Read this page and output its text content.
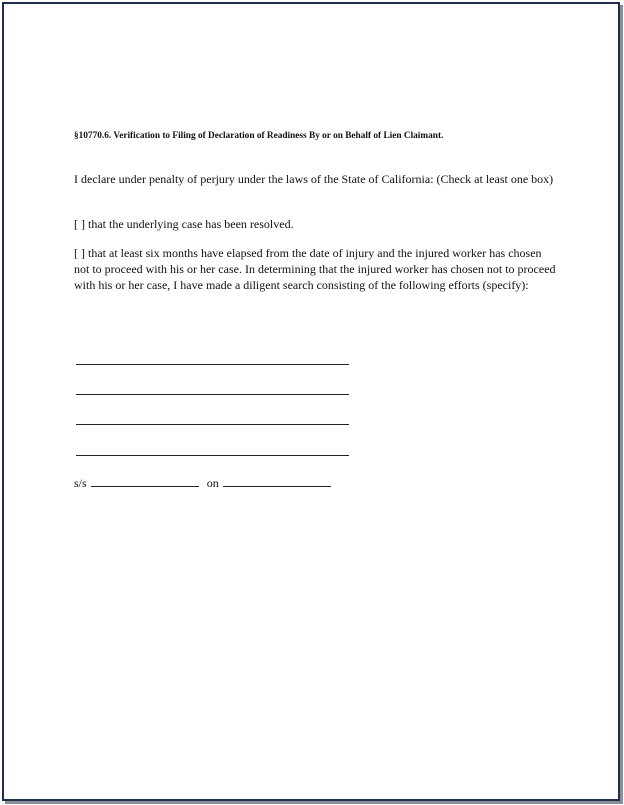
§10770.6. Verification to Filing of Declaration of Readiness By or on Behalf of Lien Claimant.
I declare under penalty of perjury under the laws of the State of California: (Check at least one box)
[ ] that the underlying case has been resolved.
[ ] that at least six months have elapsed from the date of injury and the injured worker has chosen not to proceed with his or her case. In determining that the injured worker has chosen not to proceed with his or her case, I have made a diligent search consisting of the following efforts (specify):
s/s	on
